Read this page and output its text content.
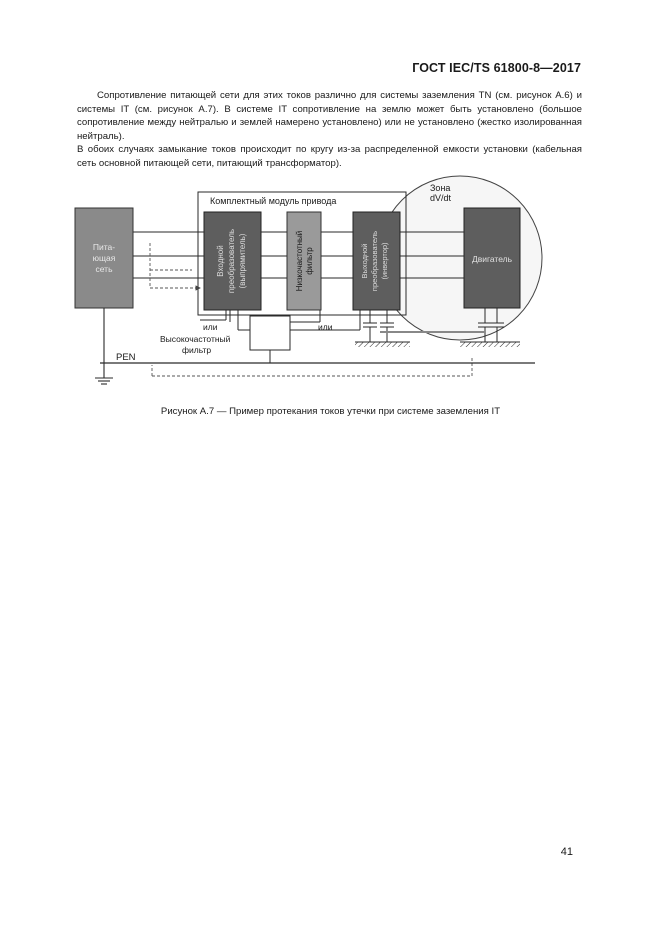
ГОСТ IEC/TS 61800-8—2017

Сопротивление питающей сети для этих токов различно для системы заземления TN (см. рисунок А.6) и системы IT (см. рисунок А.7). В системе IT сопротивление на землю может быть установлено (большое сопротивление между нейтралью и землей намерено установлено) или не установлено (жестко изолированная нейтраль).

В обоих случаях замыкание токов происходит по кругу из-за распределенной емкости установки (кабельная сеть основной питающей сети, питающий трансформатор).

Пита-
ющая
сеть	Входной преобразователь (выпрямитель)	Низкочастотный фильтр	Выходной преобразователь (инвертор)	Двигатель
Зона
dV/dt
Комплектный модуль привода
или	или
Высокочастотный
фильтр
PEN
Рисунок А.7 — Пример протекания токов утечки при системе заземления IT
41
